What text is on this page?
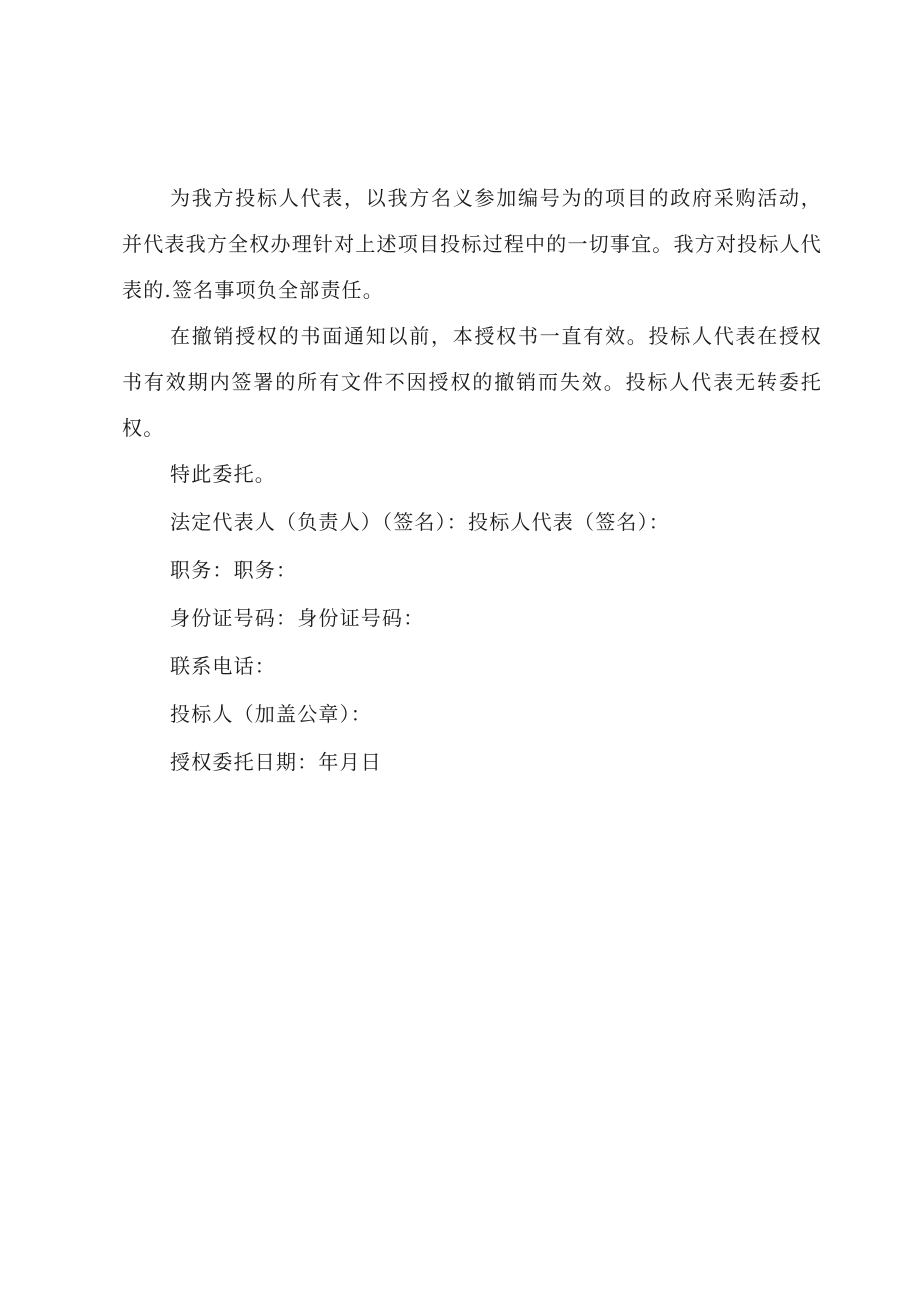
为我方投标人代表，以我方名义参加编号为的项目的政府采购活动，并代表我方全权办理针对上述项目投标过程中的一切事宜。我方对投标人代表的.签名事项负全部责任。

在撤销授权的书面通知以前，本授权书一直有效。投标人代表在授权书有效期内签署的所有文件不因授权的撤销而失效。投标人代表无转委托权。

特此委托。

法定代表人（负责人）（签名）：投标人代表（签名）：

职务：职务：

身份证号码：身份证号码：

联系电话：

投标人（加盖公章）：

授权委托日期：年月日
